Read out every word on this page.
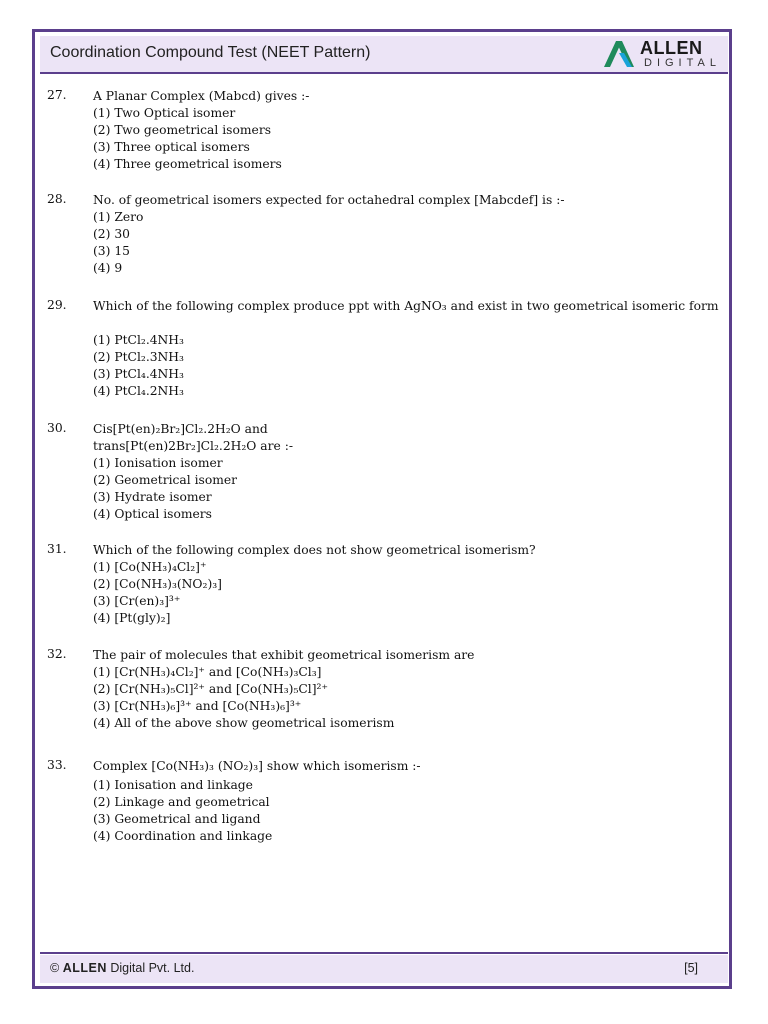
Coordination Compound Test (NEET Pattern)	ALLEN
DIGITAL
27. A Planar Complex (Mabcd) gives :-
(1) Two Optical isomer
(2) Two geometrical isomers
(3) Three optical isomers
(4) Three geometrical isomers
28. No. of geometrical isomers expected for octahedral complex [Mabcdef] is :-
(1) Zero
(2) 30
(3) 15
(4) 9
29. Which of the following complex produce ppt with AgNO₃ and exist in two geometrical isomeric form
(1) PtCl₂.4NH₃
(2) PtCl₂.3NH₃
(3) PtCl₄.4NH₃
(4) PtCl₄.2NH₃
30. Cis[Pt(en)₂Br₂]Cl₂.2H₂O and trans[Pt(en)2Br₂]Cl₂.2H₂O are :-
(1) Ionisation isomer
(2) Geometrical isomer
(3) Hydrate isomer
(4) Optical isomers
31. Which of the following complex does not show geometrical isomerism?
(1) [Co(NH₃)₄Cl₂]⁺
(2) [Co(NH₃)₃(NO₂)₃]
(3) [Cr(en)₃]³⁺
(4) [Pt(gly)₂]
32. The pair of molecules that exhibit geometrical isomerism are
(1) [Cr(NH₃)₄Cl₂]⁺ and [Co(NH₃)₃Cl₃]
(2) [Cr(NH₃)₅Cl]²⁺ and [Co(NH₃)₅Cl]²⁺
(3) [Cr(NH₃)₆]³⁺ and [Co(NH₃)₆]³⁺
(4) All of the above show geometrical isomerism
33. Complex [Co(NH₃)₃ (NO₂)₃] show which isomerism :-
(1) Ionisation and linkage
(2) Linkage and geometrical
(3) Geometrical and ligand
(4) Coordination and linkage
© ALLEN Digital Pvt. Ltd.	[5]
